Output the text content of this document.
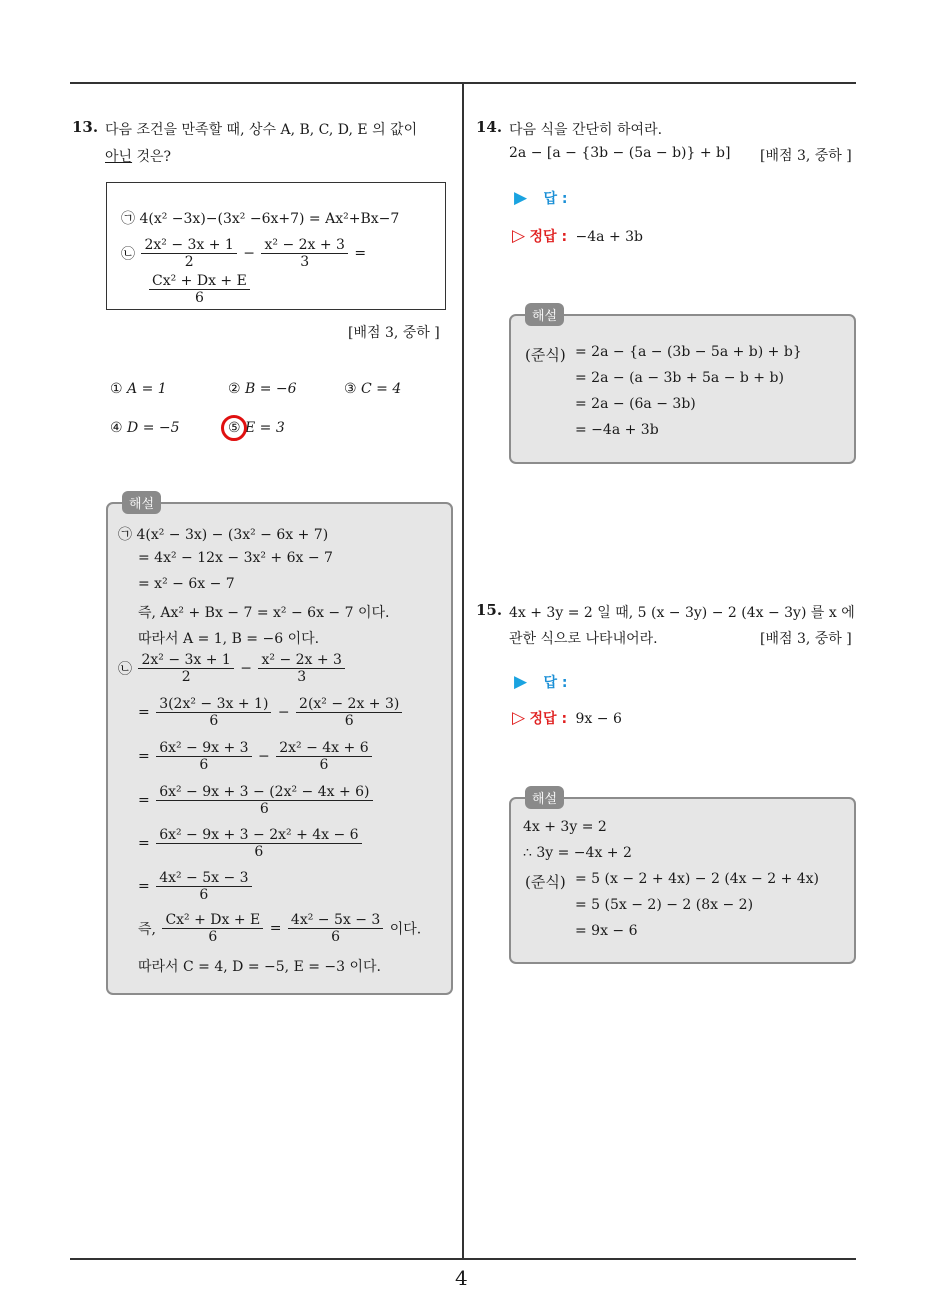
4
13. 다음 조건을 만족할 때, 상수 A, B, C, D, E 의 값이
아닌 것은?
㉠ 4(x² −3x)−(3x² −6x+7) = Ax²+Bx−7
㉡ $\frac{\text{2x² − 3x + 1}}{2} - \frac{\text{x² − 2x + 3}}{3}$ =
$\frac{\text{Cx² + Dx + E}}{6}$
[배점 3, 중하 ]
① A = 1	② B = −6	③ C = 4
④ D = −5	⑤ E = 3
해설
㉠ 4(x² − 3x) − (3x² − 6x + 7)
= 4x² − 12x − 3x² + 6x − 7
= x² − 6x − 7
즉, Ax² + Bx − 7 = x² − 6x − 7 이다.
따라서 A = 1, B = −6 이다.
㉡ $\frac{\text{2x² − 3x + 1}}{2} - \frac{\text{x² − 2x + 3}}{3}$
= $\frac{\text{3(2x² − 3x + 1)}}{6} - \frac{\text{2(x² − 2x + 3)}}{6}$
= $\frac{\text{6x² − 9x + 3}}{6} - \frac{\text{2x² − 4x + 6}}{6}$
= $\frac{\text{6x² − 9x + 3 − (2x² − 4x + 6)}}{6}$
= $\frac{\text{6x² − 9x + 3 − 2x² + 4x − 6}}{6}$
= $\frac{\text{4x² − 5x − 3}}{6}$
즉, $\frac{\text{Cx² + Dx + E}}{6} = \frac{\text{4x² − 5x − 3}}{6}$ 이다.
따라서 C = 4, D = −5, E = −3 이다.
14. 다음 식을 간단히 하여라.
2a − [a − {3b − (5a − b)} + b] [배점 3, 중하 ]
▶ 답 :
▷ 정답 : −4a + 3b
해설
(준식) = 2a − {a − (3b − 5a + b) + b}
= 2a − (a − 3b + 5a − b + b)
= 2a − (6a − 3b)
= −4a + 3b
15. 4x + 3y = 2 일 때, 5 (x − 3y) − 2 (4x − 3y) 를 x 에
관한 식으로 나타내어라.	[배점 3, 중하 ]
▶ 답 :
▷ 정답 : 9x − 6
해설
4x + 3y = 2
∴ 3y = −4x + 2
(준식) = 5 (x − 2 + 4x) − 2 (4x − 2 + 4x)
= 5 (5x − 2) − 2 (8x − 2)
= 9x − 6
